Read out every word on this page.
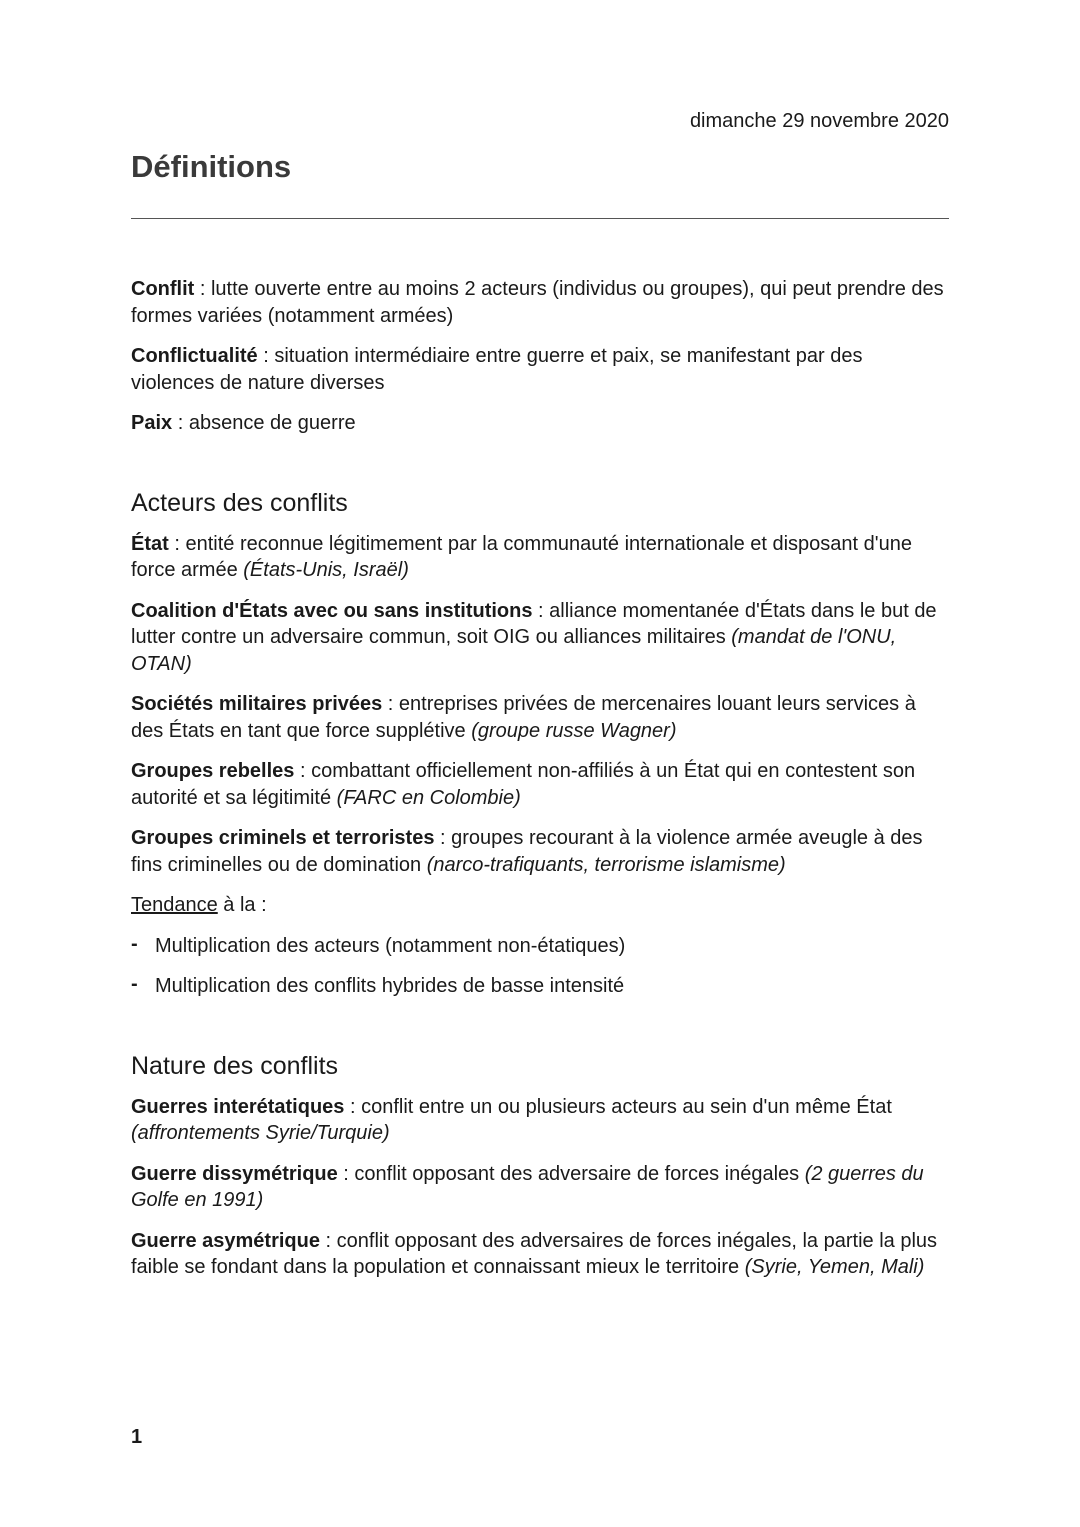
dimanche 29 novembre 2020
Définitions

Conflit : lutte ouverte entre au moins 2 acteurs (individus ou groupes), qui peut prendre des formes variées (notamment armées)

Conflictualité : situation intermédiaire entre guerre et paix, se manifestant par des violences de nature diverses

Paix : absence de guerre

Acteurs des conflits

État : entité reconnue légitimement par la communauté internationale et disposant d'une force armée (États-Unis, Israël)

Coalition d'États avec ou sans institutions : alliance momentanée d'États dans le but de lutter contre un adversaire commun, soit OIG ou alliances militaires (mandat de l'ONU, OTAN)

Sociétés militaires privées : entreprises privées de mercenaires louant leurs services à des États en tant que force supplétive (groupe russe Wagner)

Groupes rebelles : combattant officiellement non-affiliés à un État qui en contestent son autorité et sa légitimité (FARC en Colombie)

Groupes criminels et terroristes : groupes recourant à la violence armée aveugle à des fins criminelles ou de domination (narco-trafiquants, terrorisme islamisme)

Tendance à la :

- Multiplication des acteurs (notamment non-étatiques)
- Multiplication des conflits hybrides de basse intensité
Nature des conflits

Guerres interétatiques : conflit entre un ou plusieurs acteurs au sein d'un même État (affrontements Syrie/Turquie)

Guerre dissymétrique : conflit opposant des adversaire de forces inégales (2 guerres du Golfe en 1991)

Guerre asymétrique : conflit opposant des adversaires de forces inégales, la partie la plus faible se fondant dans la population et connaissant mieux le territoire (Syrie, Yemen, Mali)

1
